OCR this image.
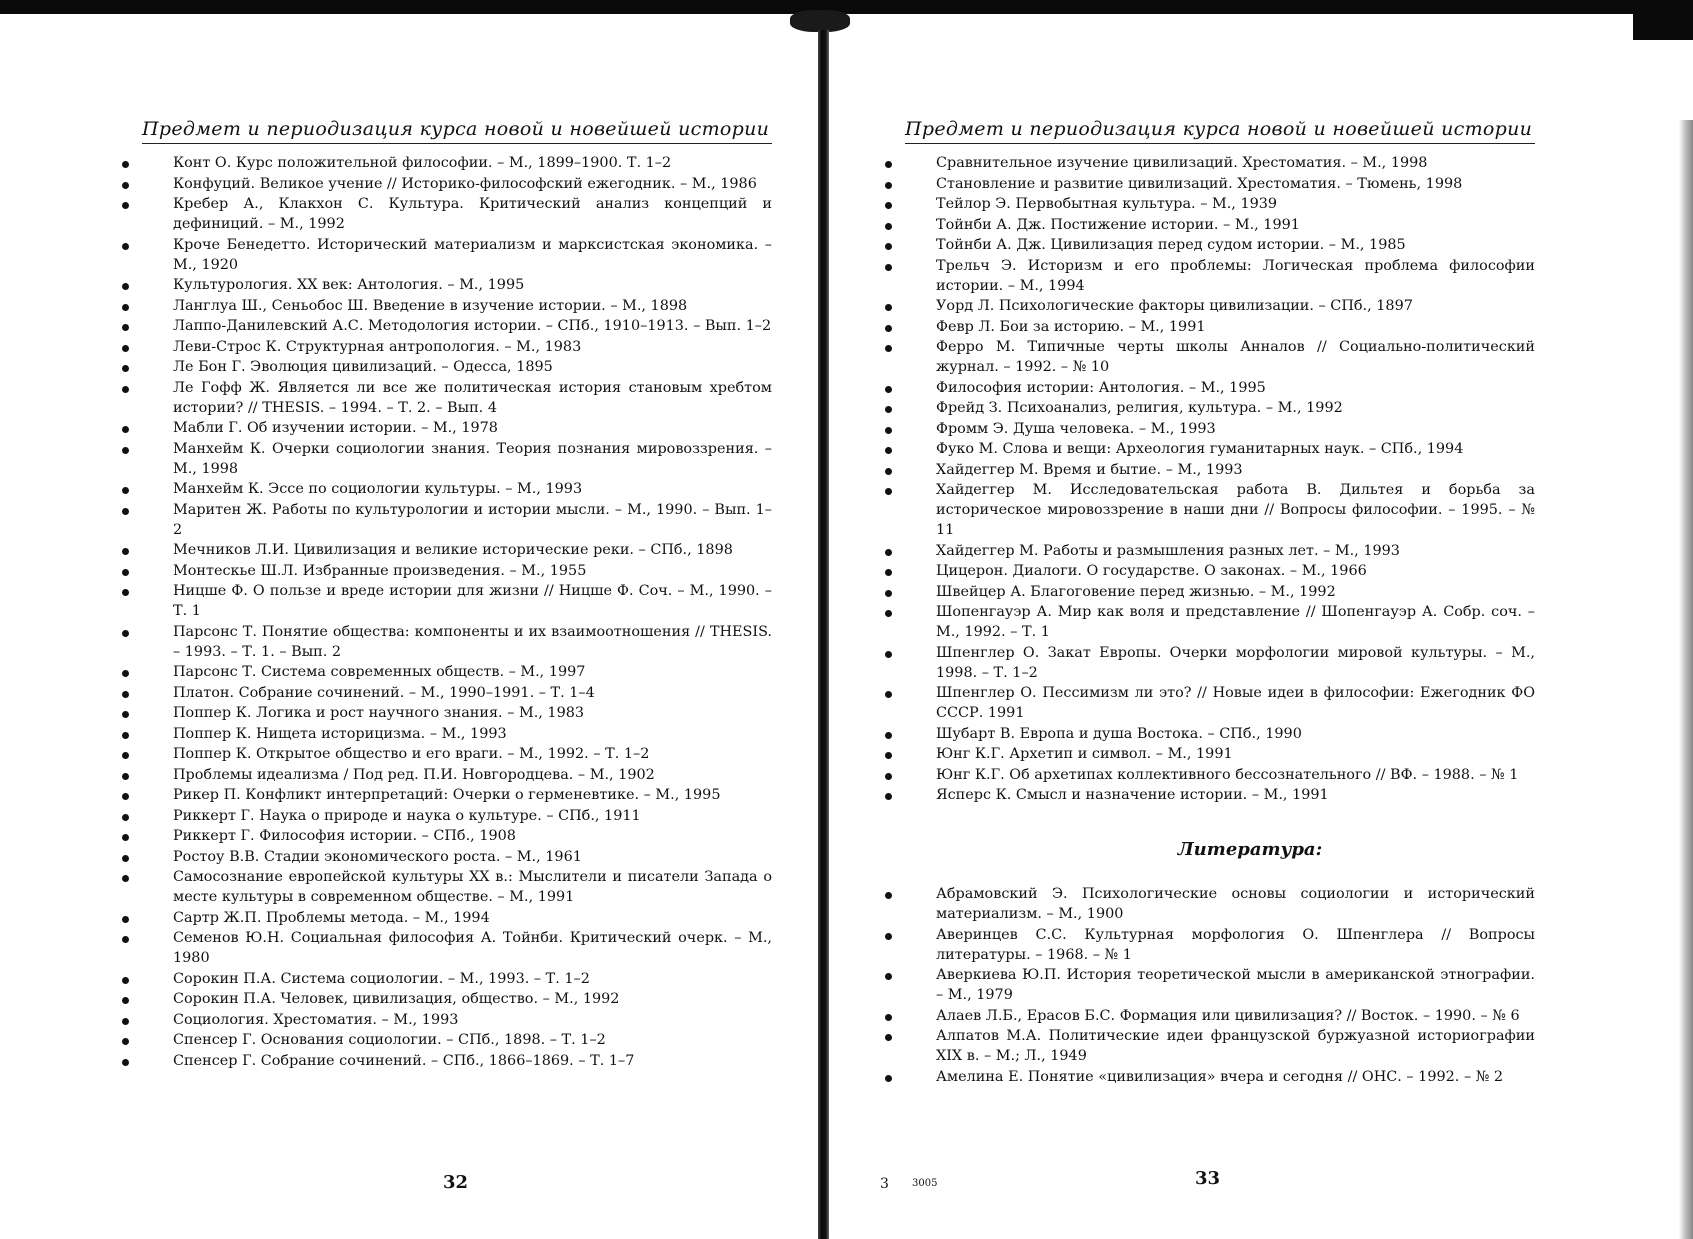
Предмет и периодизация курса новой и новейшей истории
Конт О. Курс положительной философии. – М., 1899–1900. Т. 1–2
Конфуций. Великое учение // Историко-философский ежегодник. – М., 1986
Кребер А., Клакхон С. Культура. Критический анализ концепций и дефиниций. – М., 1992
Кроче Бенедетто. Исторический материализм и марксистская экономика. – М., 1920
Культурология. XX век: Антология. – М., 1995
Ланглуа Ш., Сеньобос Ш. Введение в изучение истории. – М., 1898
Лаппо-Данилевский А.С. Методология истории. – СПб., 1910–1913. – Вып. 1–2
Леви-Строс К. Структурная антропология. – М., 1983
Ле Бон Г. Эволюция цивилизаций. – Одесса, 1895
Ле Гофф Ж. Является ли все же политическая история становым хребтом истории? // THESIS. – 1994. – Т. 2. – Вып. 4
Мабли Г. Об изучении истории. – М., 1978
Манхейм К. Очерки социологии знания. Теория познания мировоззрения. – М., 1998
Манхейм К. Эссе по социологии культуры. – М., 1993
Маритен Ж. Работы по культурологии и истории мысли. – М., 1990. – Вып. 1–2
Мечников Л.И. Цивилизация и великие исторические реки. – СПб., 1898
Монтескье Ш.Л. Избранные произведения. – М., 1955
Ницше Ф. О пользе и вреде истории для жизни // Ницше Ф. Соч. – М., 1990. – Т. 1
Парсонс Т. Понятие общества: компоненты и их взаимоотношения // THESIS. – 1993. – Т. 1. – Вып. 2
Парсонс Т. Система современных обществ. – М., 1997
Платон. Собрание сочинений. – М., 1990–1991. – Т. 1–4
Поппер К. Логика и рост научного знания. – М., 1983
Поппер К. Нищета историцизма. – М., 1993
Поппер К. Открытое общество и его враги. – М., 1992. – Т. 1–2
Проблемы идеализма / Под ред. П.И. Новгородцева. – М., 1902
Рикер П. Конфликт интерпретаций: Очерки о герменевтике. – М., 1995
Риккерт Г. Наука о природе и наука о культуре. – СПб., 1911
Риккерт Г. Философия истории. – СПб., 1908
Ростоу В.В. Стадии экономического роста. – М., 1961
Самосознание европейской культуры XX в.: Мыслители и писатели Запада о месте культуры в современном обществе. – М., 1991
Сартр Ж.П. Проблемы метода. – М., 1994
Семенов Ю.Н. Социальная философия А. Тойнби. Критический очерк. – М., 1980
Сорокин П.А. Система социологии. – М., 1993. – Т. 1–2
Сорокин П.А. Человек, цивилизация, общество. – М., 1992
Социология. Хрестоматия. – М., 1993
Спенсер Г. Основания социологии. – СПб., 1898. – Т. 1–2
Спенсер Г. Собрание сочинений. – СПб., 1866–1869. – Т. 1–7
32
Предмет и периодизация курса новой и новейшей истории
Сравнительное изучение цивилизаций. Хрестоматия. – М., 1998
Становление и развитие цивилизаций. Хрестоматия. – Тюмень, 1998
Тейлор Э. Первобытная культура. – М., 1939
Тойнби А. Дж. Постижение истории. – М., 1991
Тойнби А. Дж. Цивилизация перед судом истории. – М., 1985
Трельч Э. Историзм и его проблемы: Логическая проблема философии истории. – М., 1994
Уорд Л. Психологические факторы цивилизации. – СПб., 1897
Февр Л. Бои за историю. – М., 1991
Ферро М. Типичные черты школы Анналов // Социально-политический журнал. – 1992. – № 10
Философия истории: Антология. – М., 1995
Фрейд З. Психоанализ, религия, культура. – М., 1992
Фромм Э. Душа человека. – М., 1993
Фуко М. Слова и вещи: Археология гуманитарных наук. – СПб., 1994
Хайдеггер М. Время и бытие. – М., 1993
Хайдеггер М. Исследовательская работа В. Дильтея и борьба за историческое мировоззрение в наши дни // Вопросы философии. – 1995. – № 11
Хайдеггер М. Работы и размышления разных лет. – М., 1993
Цицерон. Диалоги. О государстве. О законах. – М., 1966
Швейцер А. Благоговение перед жизнью. – М., 1992
Шопенгауэр А. Мир как воля и представление // Шопенгауэр А. Собр. соч. – М., 1992. – Т. 1
Шпенглер О. Закат Европы. Очерки морфологии мировой культуры. – М., 1998. – Т. 1–2
Шпенглер О. Пессимизм ли это? // Новые идеи в философии: Ежегодник ФО СССР. 1991
Шубарт В. Европа и душа Востока. – СПб., 1990
Юнг К.Г. Архетип и символ. – М., 1991
Юнг К.Г. Об архетипах коллективного бессознательного // ВФ. – 1988. – № 1
Ясперс К. Смысл и назначение истории. – М., 1991
Литература:
Абрамовский Э. Психологические основы социологии и исторический материализм. – М., 1900
Аверинцев С.С. Культурная морфология О. Шпенглера // Вопросы литературы. – 1968. – № 1
Аверкиева Ю.П. История теоретической мысли в американской этнографии. – М., 1979
Алаев Л.Б., Ерасов Б.С. Формация или цивилизация? // Восток. – 1990. – № 6
Алпатов М.А. Политические идеи французской буржуазной историографии XIX в. – М.; Л., 1949
Амелина Е. Понятие «цивилизация» вчера и сегодня // ОНС. – 1992. – № 2
3 3005	33
